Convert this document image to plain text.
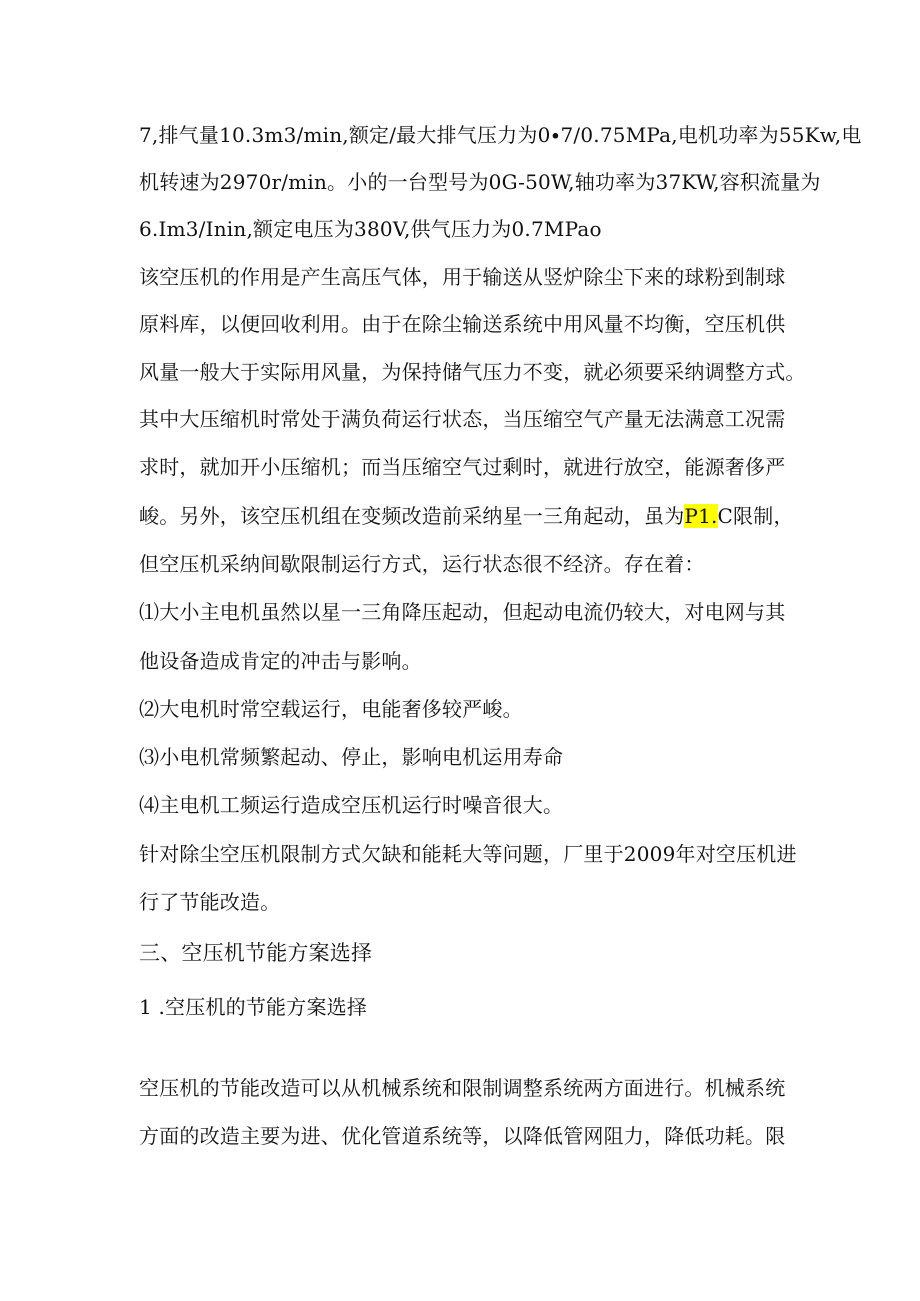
7,排气量10.3m3∕min,额定/最大排气压力为0∙7/0.75MPa,电机功率为55Kw,电
机转速为2970r∕min。小的一台型号为0G-50W,轴功率为37KW,容积流量为
6.Im3∕Inin,额定电压为380V,供气压力为0.7MPao
该空压机的作用是产生高压气体，用于输送从竖炉除尘下来的球粉到制球
原料库，以便回收利用。由于在除尘输送系统中用风量不均衡，空压机供
风量一般大于实际用风量，为保持储气压力不变，就必须要采纳调整方式。
其中大压缩机时常处于满负荷运行状态，当压缩空气产量无法满意工况需
求时，就加开小压缩机；而当压缩空气过剩时，就进行放空，能源奢侈严
峻。另外，该空压机组在变频改造前采纳星一三角起动，虽为P1.C限制，
但空压机采纳间歇限制运行方式，运行状态很不经济。存在着：
⑴大小主电机虽然以星一三角降压起动，但起动电流仍较大，对电网与其
他设备造成肯定的冲击与影响。
⑵大电机时常空载运行，电能奢侈较严峻。
⑶小电机常频繁起动、停止，影响电机运用寿命
⑷主电机工频运行造成空压机运行时噪音很大。
针对除尘空压机限制方式欠缺和能耗大等问题，厂里于2009年对空压机进
行了节能改造。
三、空压机节能方案选择
1 .空压机的节能方案选择
空压机的节能改造可以从机械系统和限制调整系统两方面进行。机械系统
方面的改造主要为进、优化管道系统等，以降低管网阻力，降低功耗。限
